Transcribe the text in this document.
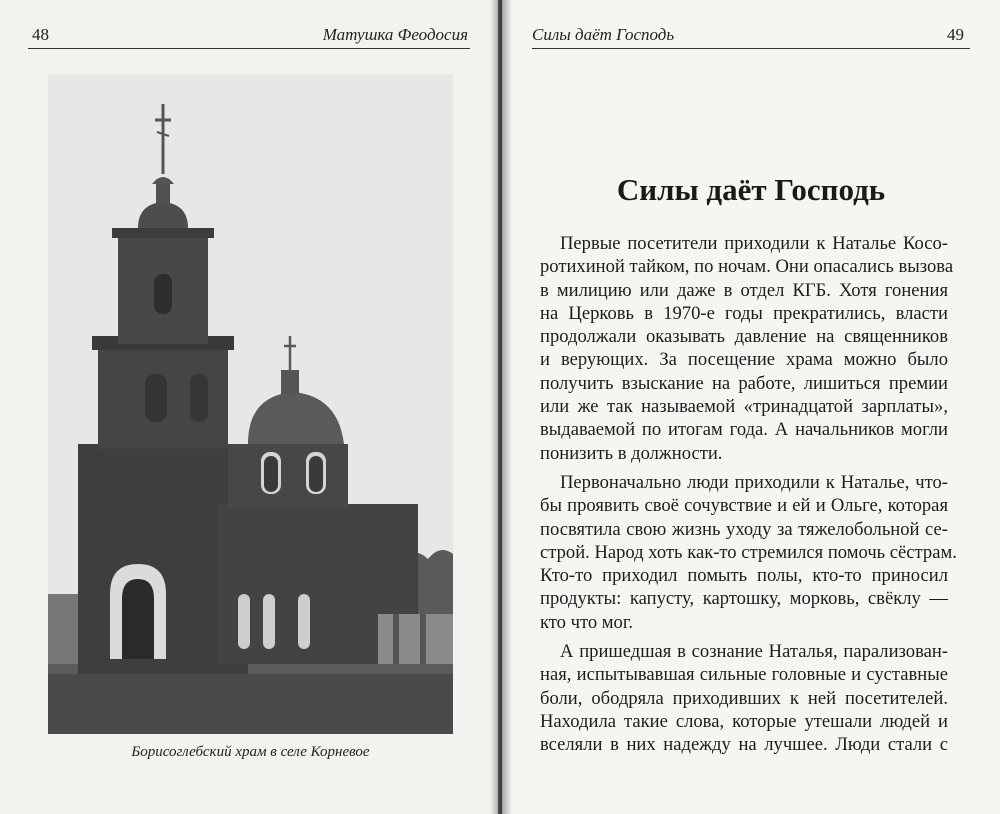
48	Матушка Феодосия
Борисоглебский храм в селе Корневое
Силы даёт Господь	49
Силы даёт Господь
Первые посетители приходили к Наталье Косо-
ротихиной тайком, по ночам. Они опасались вызова
в милицию или даже в отдел КГБ. Хотя гонения
на Церковь в 1970-е годы прекратились, власти
продолжали оказывать давление на священников
и верующих. За посещение храма можно было
получить взыскание на работе, лишиться премии
или же так называемой «тринадцатой зарплаты»,
выдаваемой по итогам года. А начальников могли
понизить в должности.
Первоначально люди приходили к Наталье, что-
бы проявить своё сочувствие и ей и Ольге, которая
посвятила свою жизнь уходу за тяжелобольной се-
строй. Народ хоть как-то стремился помочь сёстрам.
Кто-то приходил помыть полы, кто-то приносил
продукты: капусту, картошку, морковь, свёклу —
кто что мог.
А пришедшая в сознание Наталья, парализован-
ная, испытывавшая сильные головные и суставные
боли, ободряла приходивших к ней посетителей.
Находила такие слова, которые утешали людей и
вселяли в них надежду на лучшее. Люди стали с
